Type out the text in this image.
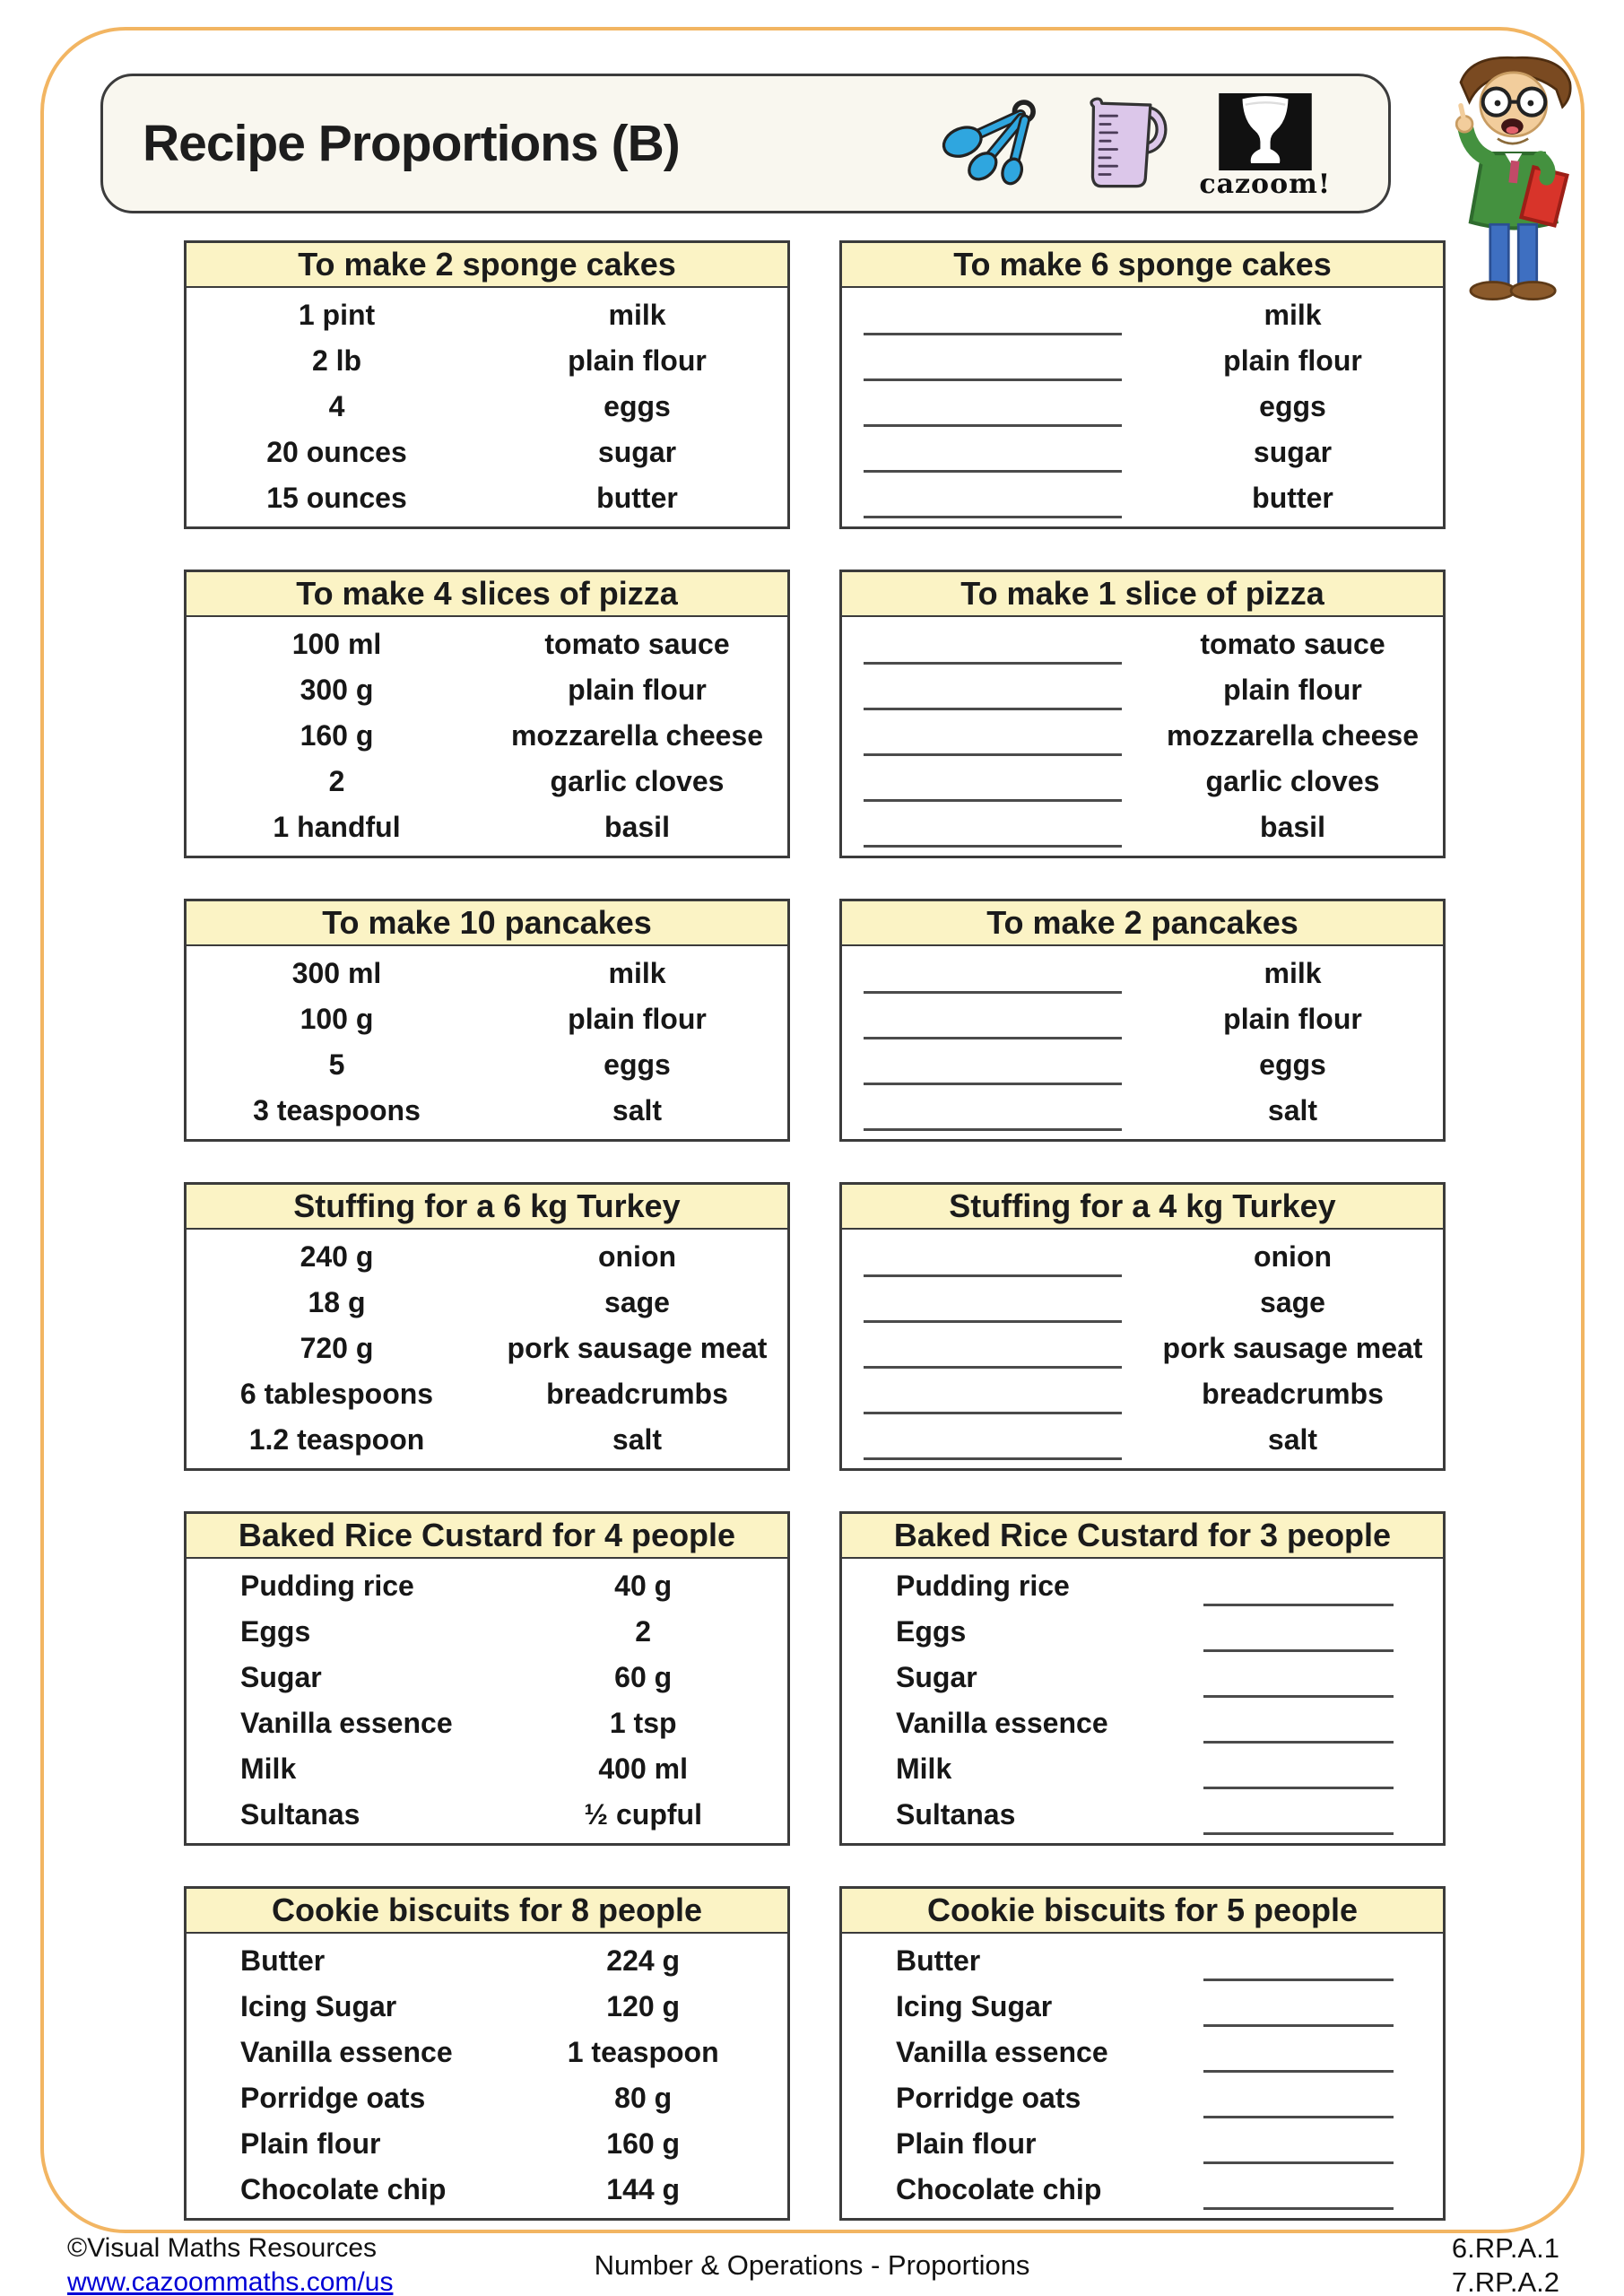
Recipe Proportions (B)
cazoom!
To make 2 sponge cakes
1 pint	milk
2 lb	plain flour
4	eggs
20 ounces	sugar
15 ounces	butter
To make 6 sponge cakes
milk
plain flour
eggs
sugar
butter
To make 4 slices of pizza
100 ml	tomato sauce
300 g	plain flour
160 g	mozzarella cheese
2	garlic cloves
1 handful	basil
To make 1 slice of pizza
tomato sauce
plain flour
mozzarella cheese
garlic cloves
basil
To make 10 pancakes
300 ml	milk
100 g	plain flour
5	eggs
3 teaspoons	salt
To make 2 pancakes
milk
plain flour
eggs
salt
Stuffing for a 6 kg Turkey
240 g	onion
18 g	sage
720 g	pork sausage meat
6 tablespoons	breadcrumbs
1.2 teaspoon	salt
Stuffing for a 4 kg Turkey
onion
sage
pork sausage meat
breadcrumbs
salt
Baked Rice Custard for 4 people
Pudding rice	40 g
Eggs	2
Sugar	60 g
Vanilla essence	1 tsp
Milk	400 ml
Sultanas	½ cupful
Baked Rice Custard for 3 people
Pudding rice
Eggs
Sugar
Vanilla essence
Milk
Sultanas
Cookie biscuits for 8 people
Butter	224 g
Icing Sugar	120 g
Vanilla essence	1 teaspoon
Porridge oats	80 g
Plain flour	160 g
Chocolate chip	144 g
Cookie biscuits for 5 people
Butter
Icing Sugar
Vanilla essence
Porridge oats
Plain flour
Chocolate chip
©Visual Maths Resources
www.cazoommaths.com/us
Number & Operations - Proportions
6.RP.A.1
7.RP.A.2
